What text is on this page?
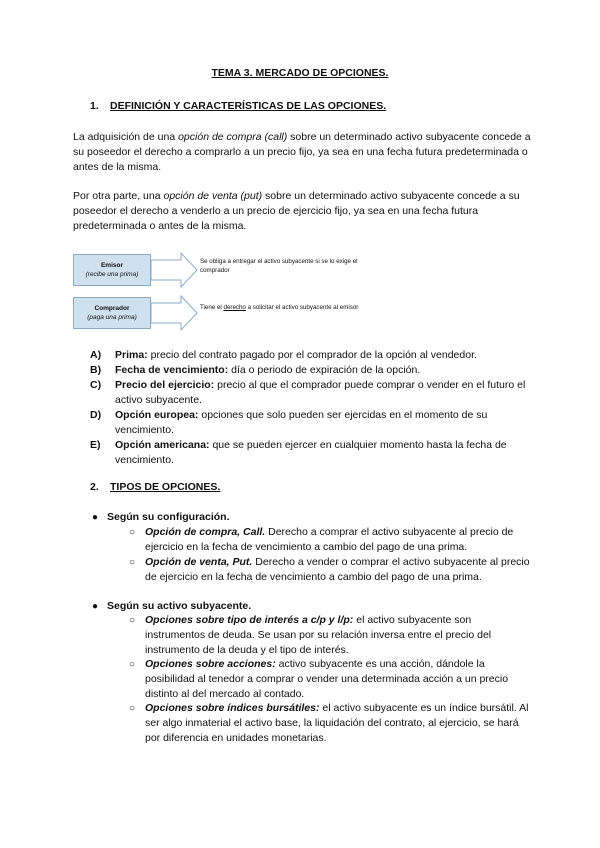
TEMA 3. MERCADO DE OPCIONES.
1. DEFINICIÓN Y CARACTERÍSTICAS DE LAS OPCIONES.
La adquisición de una opción de compra (call) sobre un determinado activo subyacente concede a su poseedor el derecho a comprarlo a un precio fijo, ya sea en una fecha futura predeterminada o antes de la misma.
Por otra parte, una opción de venta (put) sobre un determinado activo subyacente concede a su poseedor el derecho a venderlo a un precio de ejercicio fijo, ya sea en una fecha futura predeterminada o antes de la misma.
Emisor
(recibe una prima)
Se obliga a entregar el activo subyacente si se lo exige el comprador
Comprador
(paga una prima)
Tiene el derecho a solicitar el activo subyacente al emisor
A) Prima: precio del contrato pagado por el comprador de la opción al vendedor.
B) Fecha de vencimiento: día o periodo de expiración de la opción.
C) Precio del ejercicio: precio al que el comprador puede comprar o vender en el futuro el activo subyacente.
D) Opción europea: opciones que solo pueden ser ejercidas en el momento de su vencimiento.
E) Opción americana: que se pueden ejercer en cualquier momento hasta la fecha de vencimiento.
2. TIPOS DE OPCIONES.
● Según su configuración.
○ Opción de compra, Call. Derecho a comprar el activo subyacente al precio de ejercicio en la fecha de vencimiento a cambio del pago de una prima.
○ Opción de venta, Put. Derecho a vender o comprar el activo subyacente al precio de ejercicio en la fecha de vencimiento a cambio del pago de una prima.
● Según su activo subyacente.
○ Opciones sobre tipo de interés a c/p y l/p: el activo subyacente son instrumentos de deuda. Se usan por su relación inversa entre el precio del instrumento de la deuda y el tipo de interés.
○ Opciones sobre acciones: activo subyacente es una acción, dándole la posibilidad al tenedor a comprar o vender una determinada acción a un precio distinto al del mercado al contado.
○ Opciones sobre índices bursátiles: el activo subyacente es un índice bursátil. Al ser algo inmaterial el activo base, la liquidación del contrato, al ejercicio, se hará por diferencia en unidades monetarias.
